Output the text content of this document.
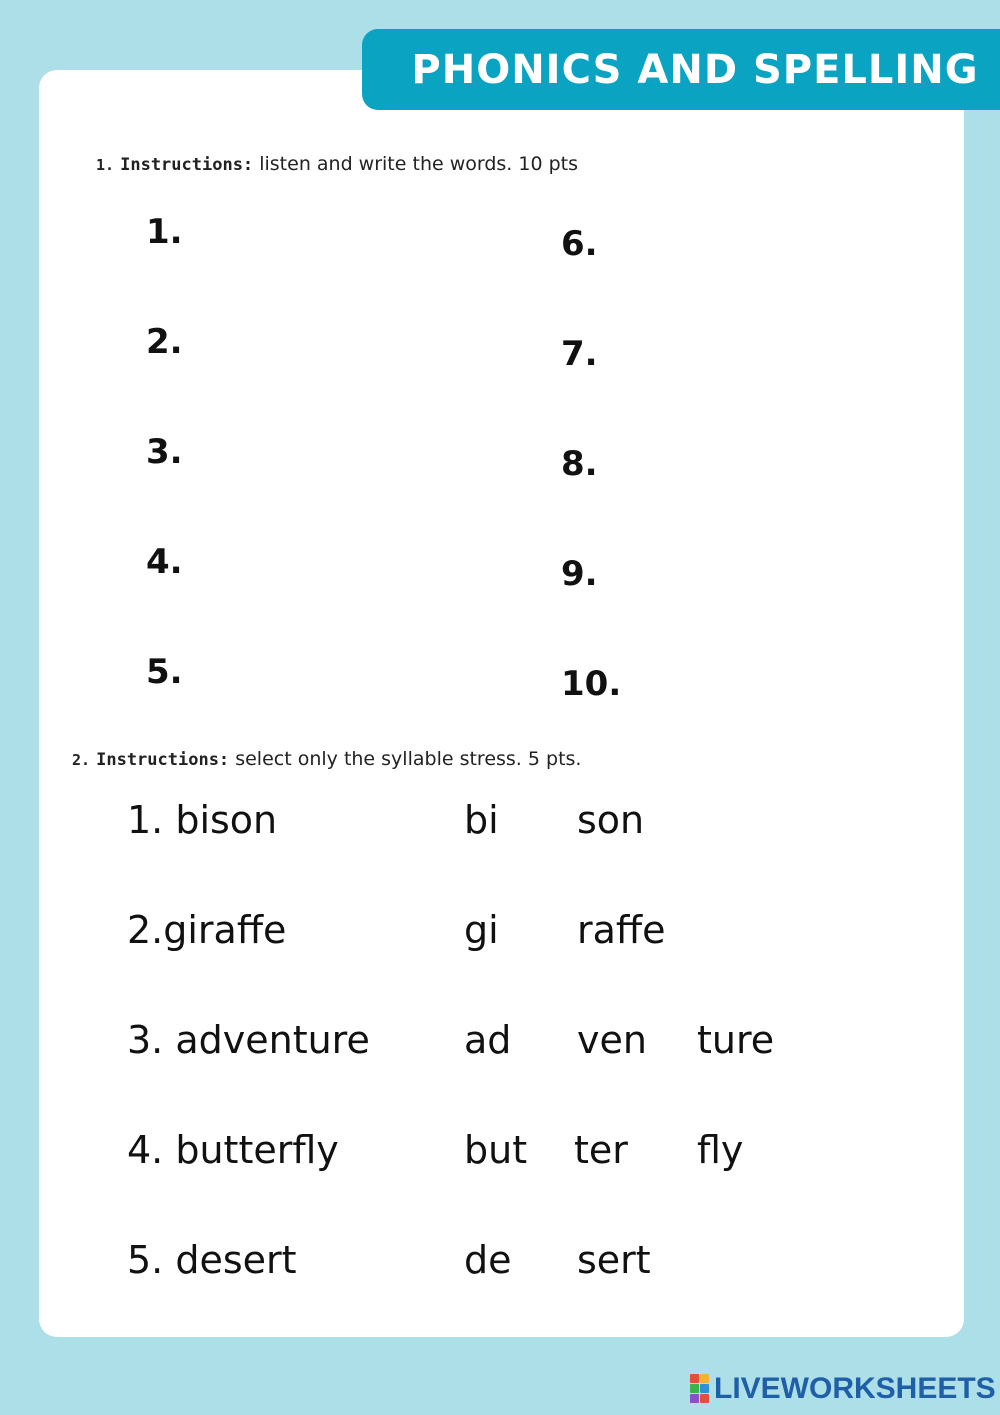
PHONICS AND SPELLING
1. Instructions: listen and write the words. 10 pts
1.
2.
3.
4.
5.
6.
7.
8.
9.
10.
2. Instructions: select only the syllable stress. 5 pts.
1. bison	bi son
2.giraffe	gi raffe
3. adventure ad ven ture
4. butterfly	but ter fly
5. desert	de sert
LIVEWORKSHEETS
